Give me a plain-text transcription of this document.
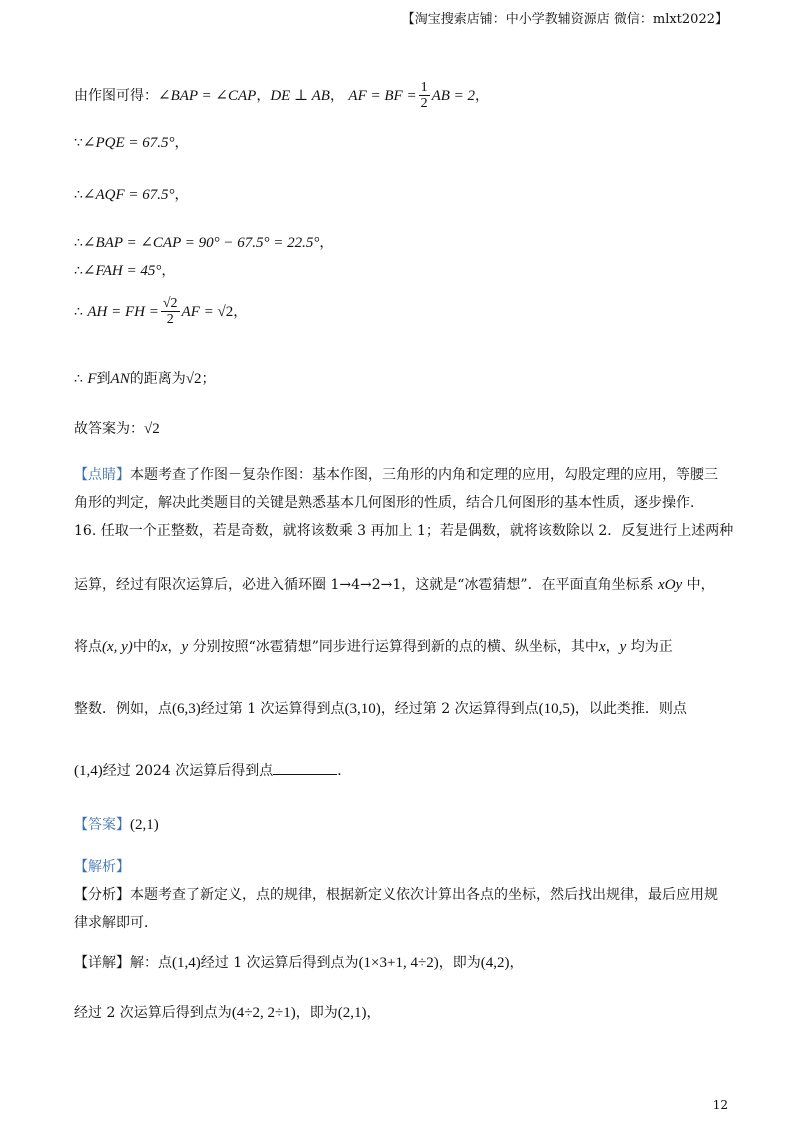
【淘宝搜索店铺：中小学教辅资源店 微信：mlxt2022】
由作图可得：∠BAP = ∠CAP，DE ⊥ AB， AF = BF = $\frac{1}{2}$ AB = 2，
∵∠PQE = 67.5°，
∴∠AQF = 67.5°，
∴∠BAP = ∠CAP = 90° − 67.5° = 22.5°，
∴∠FAH = 45°，
∴ AH = FH = $\frac{√2}{2}$ AF = √2，
∴ F到AN的距离为√2；
故答案为：√2
【点睛】本题考查了作图－复杂作图：基本作图，三角形的内角和定理的应用，勾股定理的应用，等腰三
角形的判定，解决此类题目的关键是熟悉基本几何图形的性质，结合几何图形的基本性质，逐步操作．
16. 任取一个正整数，若是奇数，就将该数乘 3 再加上 1；若是偶数，就将该数除以 2．反复进行上述两种
运算，经过有限次运算后，必进入循环圈 1→4→2→1，这就是“冰雹猜想”．在平面直角坐标系 xOy 中，
将点(x, y)中的x，y 分别按照“冰雹猜想”同步进行运算得到新的点的横、纵坐标，其中x，y 均为正
整数．例如，点(6,3)经过第 1 次运算得到点(3,10)，经过第 2 次运算得到点(10,5)，以此类推．则点
(1,4)经过 2024 次运算后得到点	．
【答案】(2,1)
【解析】
【分析】本题考查了新定义，点的规律，根据新定义依次计算出各点的坐标，然后找出规律，最后应用规
律求解即可．
【详解】解：点(1,4)经过 1 次运算后得到点为(1×3+1, 4÷2)，即为(4,2)，
经过 2 次运算后得到点为(4÷2, 2÷1)，即为(2,1)，
12
